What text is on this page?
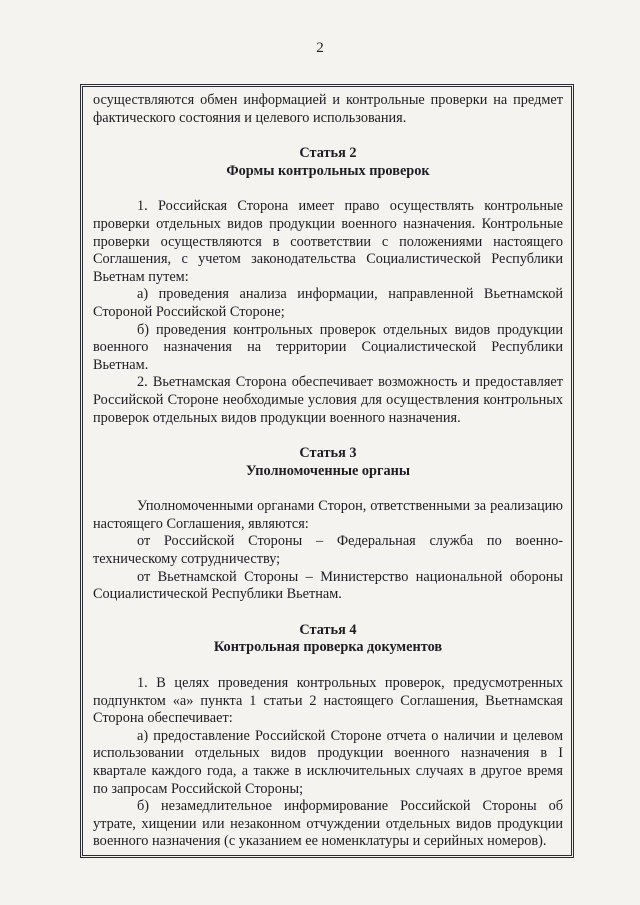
2

осуществляются обмен информацией и контрольные проверки на предмет фактического состояния и целевого использования.

Статья 2

Формы контрольных проверок

1. Российская Сторона имеет право осуществлять контрольные проверки отдельных видов продукции военного назначения. Контрольные проверки осуществляются в соответствии с положениями настоящего Соглашения, с учетом законодательства Социалистической Республики Вьетнам путем:

а) проведения анализа информации, направленной Вьетнамской Стороной Российской Стороне;

б) проведения контрольных проверок отдельных видов продукции военного назначения на территории Социалистической Республики Вьетнам.

2. Вьетнамская Сторона обеспечивает возможность и предоставляет Российской Стороне необходимые условия для осуществления контрольных проверок отдельных видов продукции военного назначения.

Статья 3

Уполномоченные органы

Уполномоченными органами Сторон, ответственными за реализацию настоящего Соглашения, являются:

от Российской Стороны – Федеральная служба по военно-техническому сотрудничеству;

от Вьетнамской Стороны – Министерство национальной обороны Социалистической Республики Вьетнам.

Статья 4

Контрольная проверка документов

1. В целях проведения контрольных проверок, предусмотренных подпунктом «а» пункта 1 статьи 2 настоящего Соглашения, Вьетнамская Сторона обеспечивает:

а) предоставление Российской Стороне отчета о наличии и целевом использовании отдельных видов продукции военного назначения в I квартале каждого года, а также в исключительных случаях в другое время по запросам Российской Стороны;

б) незамедлительное информирование Российской Стороны об утрате, хищении или незаконном отчуждении отдельных видов продукции военного назначения (с указанием ее номенклатуры и серийных номеров).
